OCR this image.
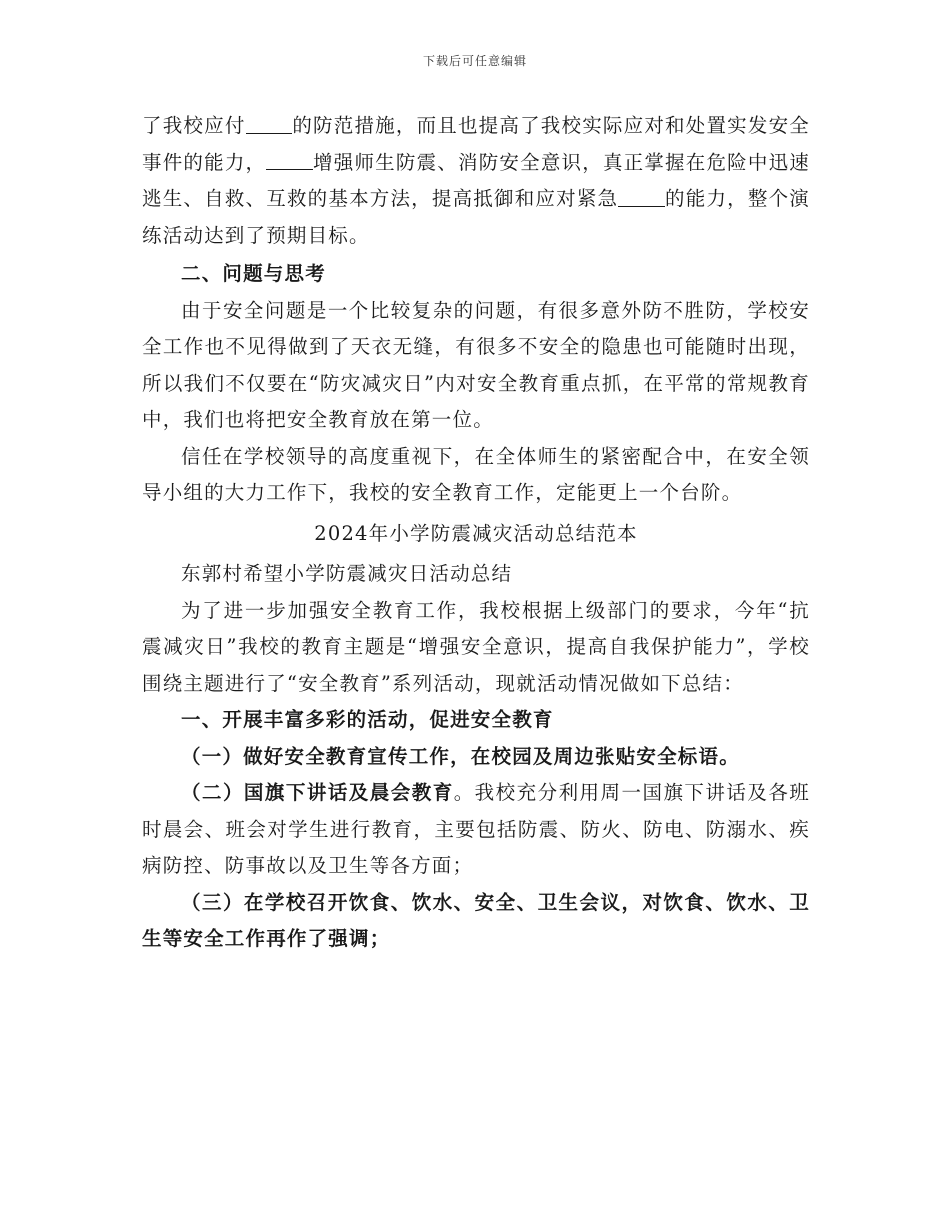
下载后可任意编辑

了我校应付 的防范措施，而且也提高了我校实际应对和处置实发安全事件的能力， 增强师生防震、消防安全意识，真正掌握在危险中迅速逃生、自救、互救的基本方法，提高抵御和应对紧急 的能力，整个演练活动达到了预期目标。

二、问题与思考

由于安全问题是一个比较复杂的问题，有很多意外防不胜防，学校安全工作也不见得做到了天衣无缝，有很多不安全的隐患也可能随时出现，所以我们不仅要在“防灾减灾日”内对安全教育重点抓，在平常的常规教育中，我们也将把安全教育放在第一位。

信任在学校领导的高度重视下，在全体师生的紧密配合中，在安全领导小组的大力工作下，我校的安全教育工作，定能更上一个台阶。

2024年小学防震减灾活动总结范本

东郭村希望小学防震减灾日活动总结

为了进一步加强安全教育工作，我校根据上级部门的要求，今年“抗震减灾日”我校的教育主题是“增强安全意识，提高自我保护能力”，学校围绕主题进行了“安全教育”系列活动，现就活动情况做如下总结：

一、开展丰富多彩的活动，促进安全教育

（一）做好安全教育宣传工作，在校园及周边张贴安全标语。

（二）国旗下讲话及晨会教育。我校充分利用周一国旗下讲话及各班时晨会、班会对学生进行教育，主要包括防震、防火、防电、防溺水、疾病防控、防事故以及卫生等各方面；

（三）在学校召开饮食、饮水、安全、卫生会议，对饮食、饮水、卫生等安全工作再作了强调；
